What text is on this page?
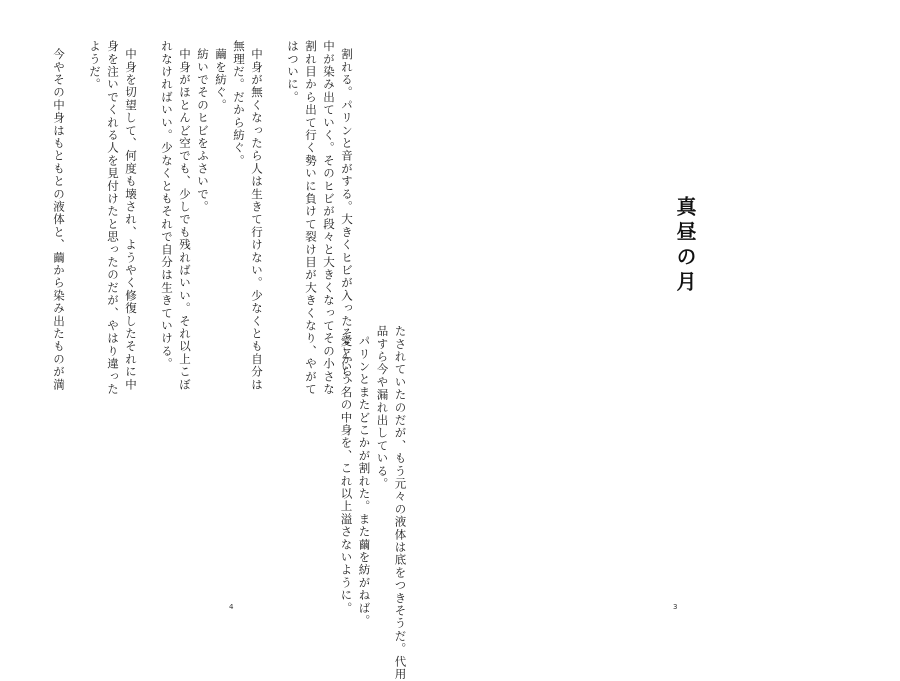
割れる。パリンと音がする。大きくヒビが入ったそこから、
中が染み出ていく。そのヒビが段々と大きくなってその小さな
割れ目から出て行く勢いに負けて裂け目が大きくなり、やがて
はついに。
中身が無くなったら人は生きて行けない。少なくとも自分は
無理だ。だから紡ぐ。
繭を紡ぐ。
紡いでそのヒビをふさいで。
中身がほとんど空でも、少しでも残ればいい。それ以上こぼ
れなければいい。少なくともそれで自分は生きていける。
中身を切望して、何度も壊され、ようやく修復したそれに中
身を注いでくれる人を見付けたと思ったのだが、やはり違った
ようだ。
今やその中身はもともとの液体と、繭から染み出たものが満
4
真昼の月
たされていたのだが、もう元々の液体は底をつきそうだ。代用
品すら今や漏れ出している。
パリンとまたどこかが割れた。また繭を紡がねば。
愛という名の中身を、これ以上溢さないように。	3
